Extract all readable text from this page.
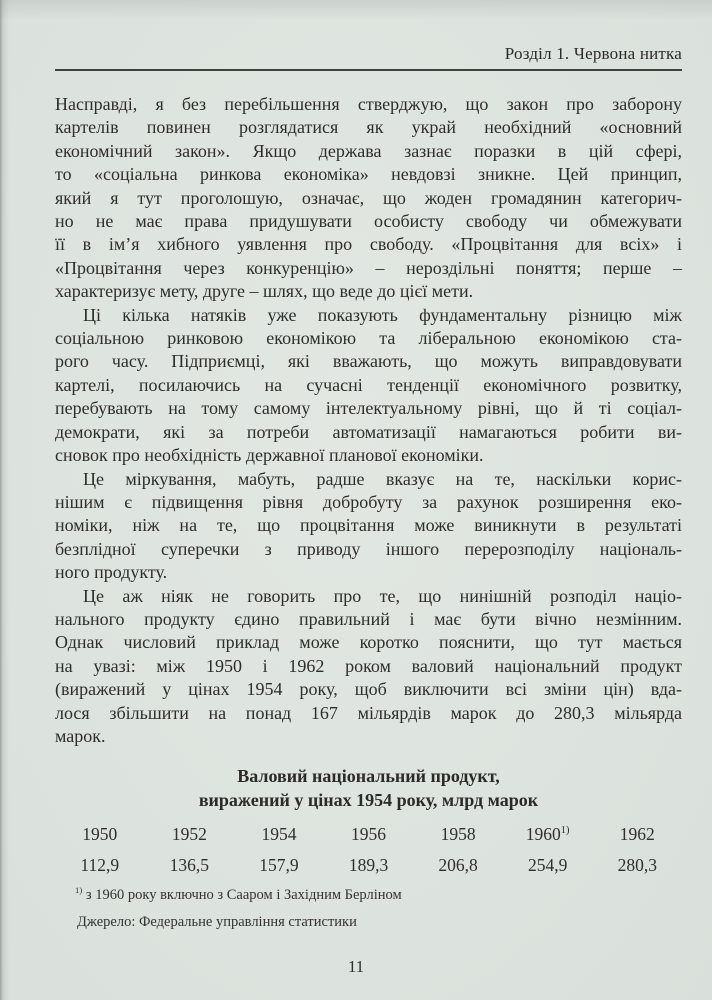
Розділ 1. Червона нитка
Насправді, я без перебільшення стверджую, що закон про заборону
картелів повинен розглядатися як украй необхідний «основний
економічний закон». Якщо держава зазнає поразки в цій сфері,
то «соціальна ринкова економіка» невдовзі зникне. Цей принцип,
який я тут проголошую, означає, що жоден громадянин категорич-
но не має права придушувати особисту свободу чи обмежувати
її в ім’я хибного уявлення про свободу. «Процвітання для всіх» і
«Процвітання через конкуренцію» – нероздільні поняття; перше –
характеризує мету, друге – шлях, що веде до цієї мети.
Ці кілька натяків уже показують фундаментальну різницю між
соціальною ринковою економікою та ліберальною економікою ста-
рого часу. Підприємці, які вважають, що можуть виправдовувати
картелі, посилаючись на сучасні тенденції економічного розвитку,
перебувають на тому самому інтелектуальному рівні, що й ті соціал-
демократи, які за потреби автоматизації намагаються робити ви-
сновок про необхідність державної планової економіки.
Це міркування, мабуть, радше вказує на те, наскільки корис-
нішим є підвищення рівня добробуту за рахунок розширення еко-
номіки, ніж на те, що процвітання може виникнути в результаті
безплідної суперечки з приводу іншого перерозподілу національ-
ного продукту.
Це аж ніяк не говорить про те, що нинішній розподіл націо-
нального продукту єдино правильний і має бути вічно незмінним.
Однак числовий приклад може коротко пояснити, що тут мається
на увазі: між 1950 і 1962 роком валовий національний продукт
(виражений у цінах 1954 року, щоб виключити всі зміни цін) вда-
лося збільшити на понад 167 мільярдів марок до 280,3 мільярда
марок.
Валовий національний продукт,
виражений у цінах 1954 року, млрд марок
1950	1952	1954	1956	1958	1960$^{1)}$	1962
112,9	136,5	157,9	189,3	206,8	254,9	280,3
$^{1)}$ з 1960 року включно з Сааром і Західним Берліном
Джерело: Федеральне управління статистики
11
